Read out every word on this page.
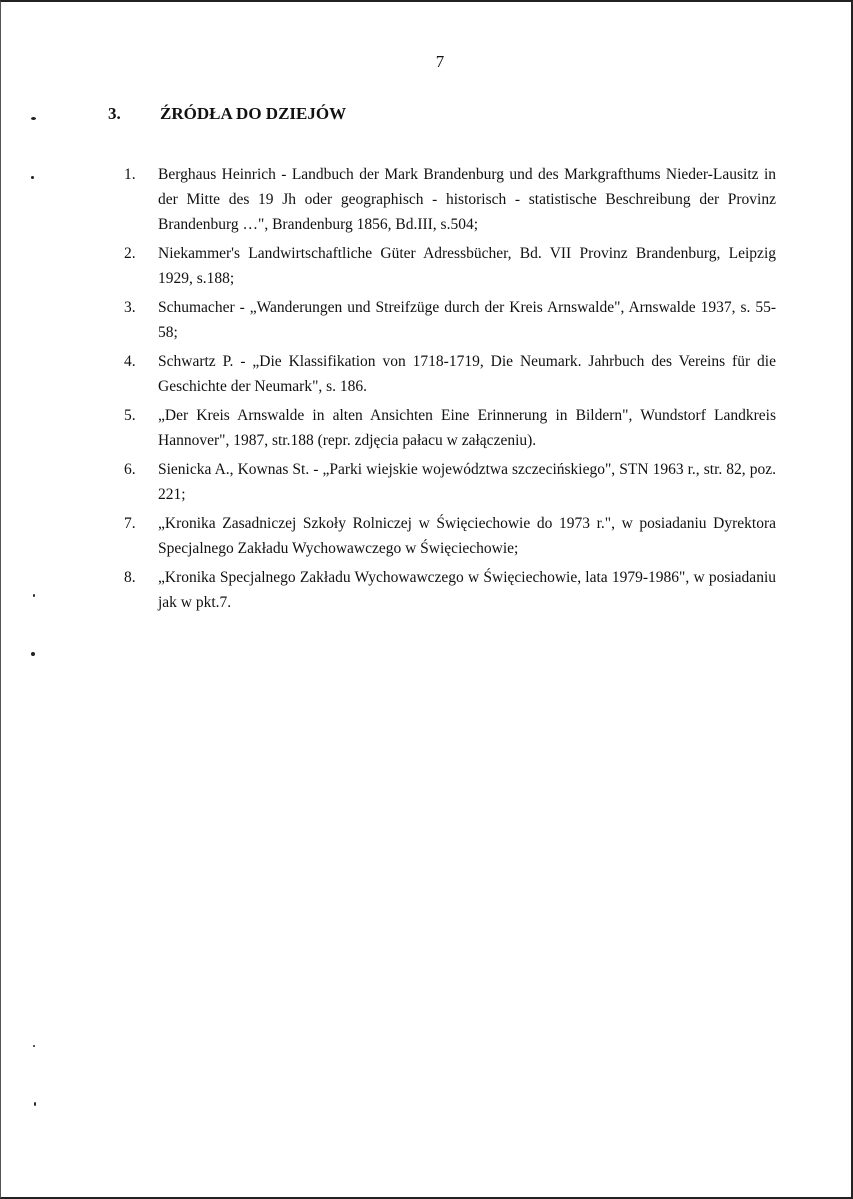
7
3.	ŹRÓDŁA DO DZIEJÓW
1.	Berghaus Heinrich - Landbuch der Mark Brandenburg und des Markgrafthums Nieder-Lausitz in der Mitte des 19 Jh oder geographisch - historisch - statistische Beschreibung der Provinz Brandenburg …", Brandenburg 1856, Bd.III, s.504;
2.	Niekammer's Landwirtschaftliche Güter Adressbücher, Bd. VII Provinz Brandenburg, Leipzig 1929, s.188;
3.	Schumacher - „Wanderungen und Streifzüge durch der Kreis Arnswalde", Arnswalde 1937, s. 55-58;
4.	Schwartz P. - „Die Klassifikation von 1718-1719, Die Neumark. Jahrbuch des Vereins für die Geschichte der Neumark", s. 186.
5.	„Der Kreis Arnswalde in alten Ansichten Eine Erinnerung in Bildern", Wundstorf Landkreis Hannover", 1987, str.188 (repr. zdjęcia pałacu w załączeniu).
6.	Sienicka A., Kownas St. - „Parki wiejskie województwa szczecińskiego", STN 1963 r., str. 82, poz. 221;
7.	„Kronika Zasadniczej Szkoły Rolniczej w Święciechowie do 1973 r.", w posiadaniu Dyrektora Specjalnego Zakładu Wychowawczego w Święciechowie;
8.	„Kronika Specjalnego Zakładu Wychowawczego w Święciechowie, lata 1979-1986", w posiadaniu jak w pkt.7.
